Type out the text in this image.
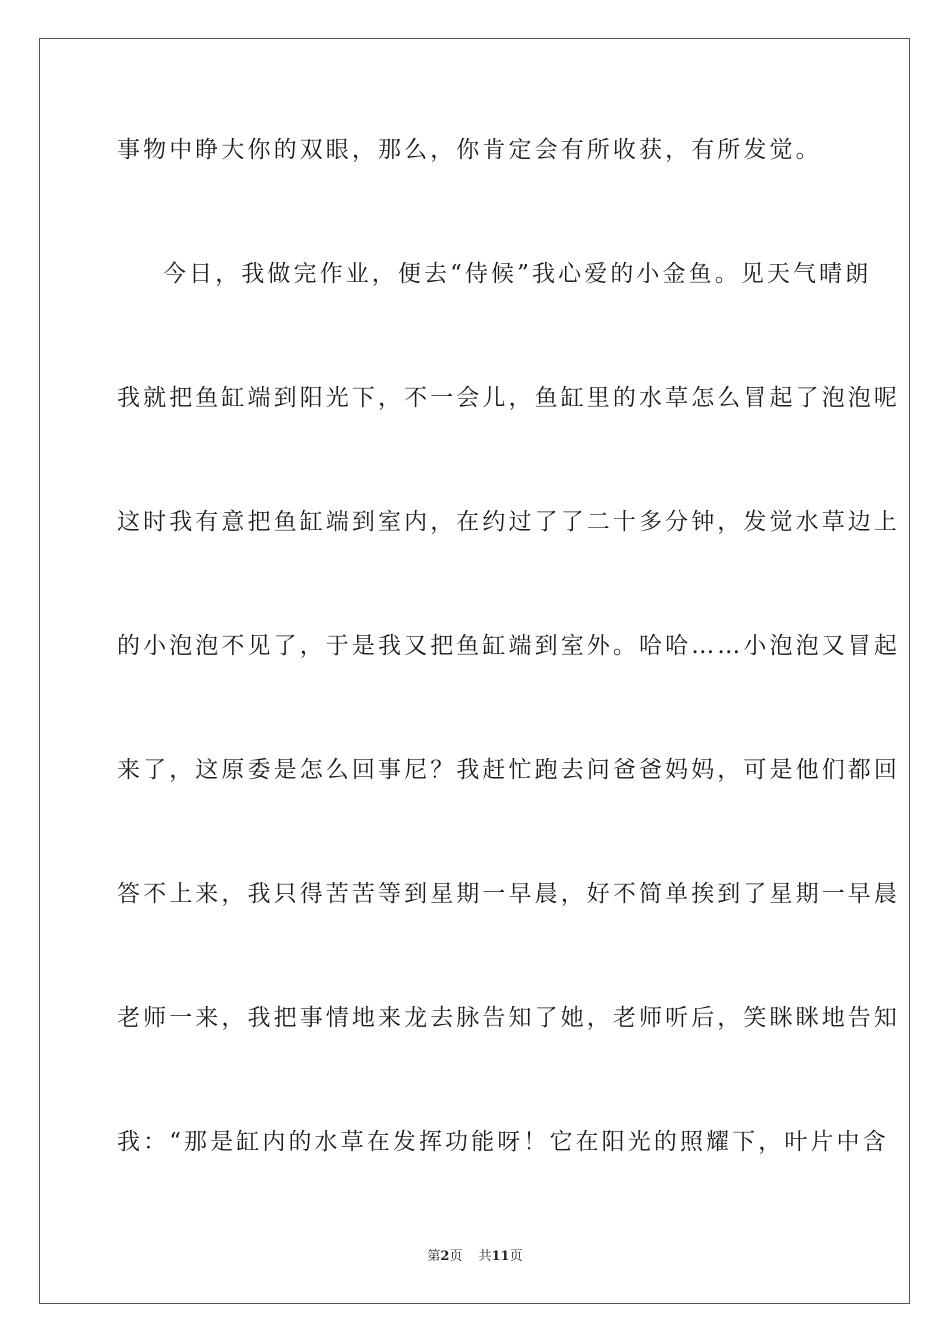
事物中睁大你的双眼，那么，你肯定会有所收获，有所发觉。
今日，我做完作业，便去“侍候”我心爱的小金鱼。见天气晴朗
我就把鱼缸端到阳光下，不一会儿，鱼缸里的水草怎么冒起了泡泡呢
这时我有意把鱼缸端到室内，在约过了了二十多分钟，发觉水草边上
的小泡泡不见了，于是我又把鱼缸端到室外。哈哈……小泡泡又冒起
来了，这原委是怎么回事尼？我赶忙跑去问爸爸妈妈，可是他们都回
答不上来，我只得苦苦等到星期一早晨，好不简单挨到了星期一早晨
老师一来，我把事情地来龙去脉告知了她，老师听后，笑眯眯地告知
我：“那是缸内的水草在发挥功能呀！它在阳光的照耀下，叶片中含
第2页 共11页
